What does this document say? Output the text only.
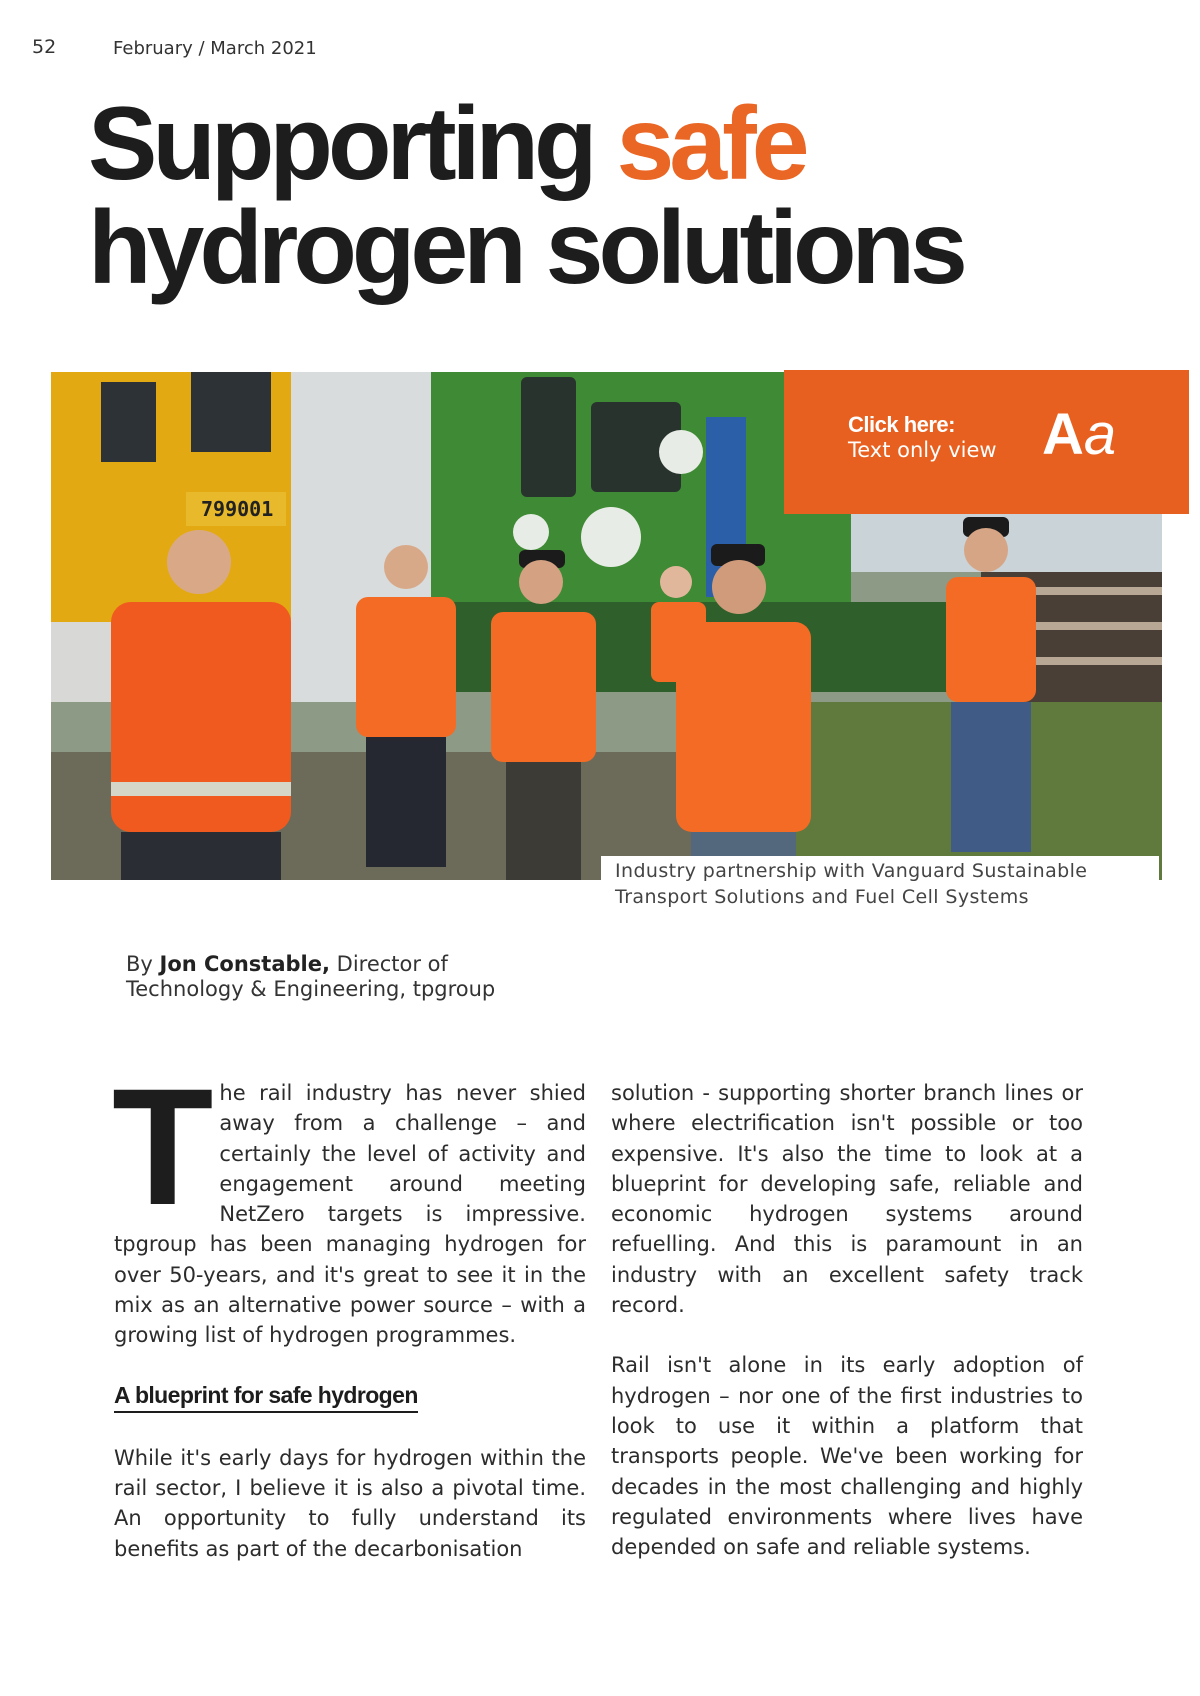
52	February / March 2021
Supporting safe
hydrogen solutions
799001
Click here:
Text only view Aa
Industry partnership with Vanguard Sustainable Transport Solutions and Fuel Cell Systems
By Jon Constable, Director of Technology & Engineering, tpgroup

The rail industry has never shied away from a challenge – and certainly the level of activity and engagement around meeting NetZero targets is impressive. tpgroup has been managing hydrogen for over 50-years, and it's great to see it in the mix as an alternative power source – with a growing list of hydrogen programmes.

A blueprint for safe hydrogen

While it's early days for hydrogen within the rail sector, I believe it is also a pivotal time. An opportunity to fully understand its benefits as part of the decarbonisation

solution - supporting shorter branch lines or where electrification isn't possible or too expensive. It's also the time to look at a blueprint for developing safe, reliable and economic hydrogen systems around refuelling. And this is paramount in an industry with an excellent safety track record.

Rail isn't alone in its early adoption of hydrogen – nor one of the first industries to look to use it within a platform that transports people. We've been working for decades in the most challenging and highly regulated environments where lives have depended on safe and reliable systems.
